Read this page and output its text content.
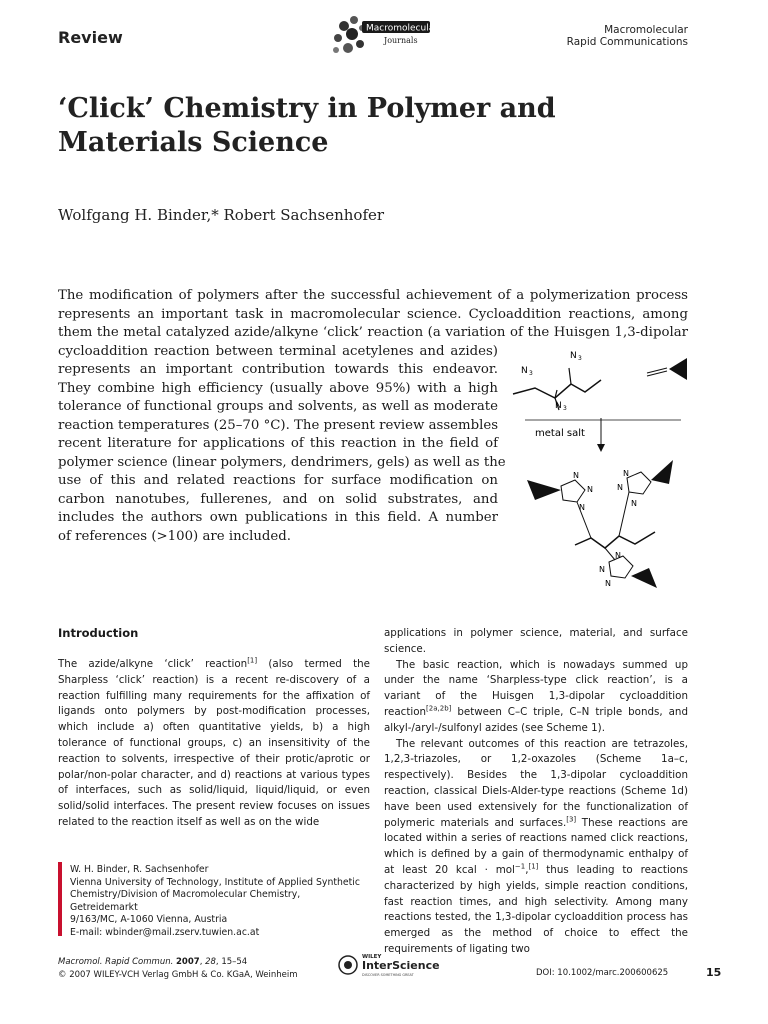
Review	Macromolecular
Journals
Macromolecular
Rapid Communications
‘Click’ Chemistry in Polymer and
Materials Science
Wolfgang H. Binder,* Robert Sachsenhofer
The modification of polymers after the successful achievement of a polymerization process
represents an important task in macromolecular science. Cycloaddition reactions, among
them the metal catalyzed azide/alkyne ‘click’ reaction (a variation of the Huisgen 1,3-dipolar
cycloaddition reaction between terminal acetylenes and azides)
represents an important contribution towards this endeavor.
They combine high efficiency (usually above 95%) with a high
tolerance of functional groups and solvents, as well as moderate
reaction temperatures (25–70 °C). The present review assembles
recent literature for applications of this reaction in the field of
polymer science (linear polymers, dendrimers, gels) as well as the
use of this and related reactions for surface modification on
carbon nanotubes, fullerenes, and on solid substrates, and
includes the authors own publications in this field. A number
of references (>100) are included.
N 3
N 3
N 3
metal salt
N
N
N
N
N
N
N
N
N
Introduction

The azide/alkyne ‘click’ reaction[1] (also termed the Sharpless ‘click’ reaction) is a recent re-discovery of a reaction fulfilling many requirements for the affixation of ligands onto polymers by post-modification processes, which include a) often quantitative yields, b) a high tolerance of functional groups, c) an insensitivity of the reaction to solvents, irrespective of their protic/aprotic or polar/non-polar character, and d) reactions at various types of interfaces, such as solid/liquid, liquid/liquid, or even solid/solid interfaces. The present review focuses on issues related to the reaction itself as well as on the wide

applications in polymer science, material, and surface science.

The basic reaction, which is nowadays summed up under the name ‘Sharpless-type click reaction’, is a variant of the Huisgen 1,3-dipolar cycloaddition reaction[2a,2b] between C–C triple, C–N triple bonds, and alkyl-/aryl-/sulfonyl azides (see Scheme 1).

The relevant outcomes of this reaction are tetrazoles, 1,2,3-triazoles, or 1,2-oxazoles (Scheme 1a–c, respectively). Besides the 1,3-dipolar cycloaddition reaction, classical Diels-Alder-type reactions (Scheme 1d) have been used extensively for the functionalization of polymeric materials and surfaces.[3] These reactions are located within a series of reactions named click reactions, which is defined by a gain of thermodynamic enthalpy of at least 20 kcal · mol$^{-1}$,[1] thus leading to reactions characterized by high yields, simple reaction conditions, fast reaction times, and high selectivity. Among many reactions tested, the 1,3-dipolar cycloaddition process has emerged as the method of choice to effect the requirements of ligating two

W. H. Binder, R. Sachsenhofer
Vienna University of Technology, Institute of Applied Synthetic
Chemistry/Division of Macromolecular Chemistry, Getreidemarkt
9/163/MC, A-1060 Vienna, Austria
E-mail: wbinder@mail.zserv.tuwien.ac.at
Macromol. Rapid Commun. 2007, 28, 15–54
© 2007 WILEY-VCH Verlag GmbH & Co. KGaA, Weinheim
WILEY
InterScience
DISCOVER SOMETHING GREAT	DOI: 10.1002/marc.200600625	15
